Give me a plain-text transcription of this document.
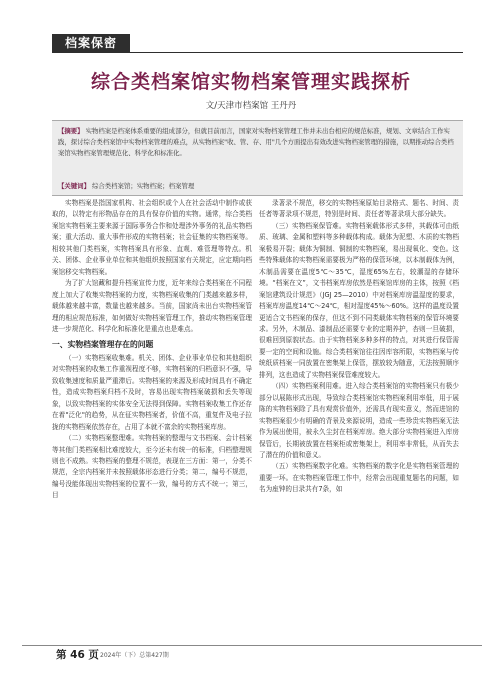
档案保密
综合类档案馆实物档案管理实践探析
文/天津市档案馆 王丹丹

【摘要】 实物档案是档案体系重要的组成部分，但就目前而言，国家对实物档案管理工作并未出台相应的规范标准，规划、文章结合工作实践，探讨综合类档案馆中实物档案管理的难点，从实物档案"收、管、存、用"几个方面提出有效改进实物档案管理的措施，以期推动综合类档案馆实物档案管理规范化、科学化和标准化。

【关键词】 综合类档案馆；实物档案；档案管理

实物档案是指国家机构、社会组织或个人在社会活动中制作或获取的，以特定有形物品存在的具有保存价值的实物。通常，综合类档案馆实物档案主要来源于国际事务合作和处理涉外事务的礼品实物档案；重大活动、重大事件形成的实物档案；社会征集的实物档案等。相较其他门类档案，实物档案具有形象、直观、难管理等特点。机关、团体、企业事业单位和其他组织按照国家有关规定，应定期向档案馆移交实物档案。

为了扩大馆藏和提升档案宣传力度，近年来综合类档案在不同程度上加大了收集实物档案的力度，实物档案收集的门类越来越多样，载体越来越丰富，数量也越来越多。当前，国家尚未出台实物档案管理的相应规范标准，如何做好实物档案管理工作，推动实物档案管理进一步规范化、科学化和标准化是重点也是难点。

一、实物档案管理存在的问题

（一）实物档案收集难。机关、团体、企业事业单位和其他组织对实物档案的收集工作重视程度不够，实物档案的归档意识不强，导致收集速度和质量严重滞后。实物档案的来源及形成时间具有不确定性，造成实物档案归档不及时，容易出现实物档案破损和丢失等现象，以致实物档案的实体安全无法得到保障。实物档案收集工作还存在着"泛化"的趋势，从在征实物档案者，价值不高，重复件及电子拉拢的实物档案依然存在，占用了本就不富余的实物档案库房。

（二）实物档案整理难。实物档案的整理与文书档案、会计档案等其他门类档案相比难度较大，至今还未有统一的标准，归档整理规则也不成熟。实物档案的整理不规范，表现在三方面：第一，分类不规范，全宗内档案并未按照载体形态进行分类；第二，编号不规范，编号没能体现出实物档案的位置不一致，编号的方式不统一；第三，目

录著录不规范，移交的实物档案原始目录格式、题名、时间、责任者等著录项不规范，特别是时间、责任者等著录项大部分缺失。

（三）实物档案保管难。实物档案载体形式多样，其载体可由纸质、玻璃、金属和塑料等多种载体构成。载体为泥塑、木质的实物档案极易开裂；载体为铜制、铜制的实物档案，易出现氧化、变色。这些特殊载体的实物档案需要极为严格的保管环境，以本制载体为例，木制品需要在温度5℃～35℃，湿度65%左右，较潮湿的存储环境。“档案在文”，文书档案库房依然是档案馆库房的主体，按照《档案馆建筑设计规范》（JGJ 25—2010）中对档案库房温湿度的要求，档案库房温度14℃～24℃，相对湿度45%～60%。这样的温度设置更适合文书档案的保存，但这不到不同类载体实物档案的保管环境要求。另外，木制品、漆制品还需要专业的定期养护，杏则一旦破损，很难回到原貌状态。由于实物档案多种多样的特点，对其进行保管需要一定的空间和设施。综合类档案馆往往因库容所限，实物档案与传统纸质档案一同放置在密集架上保管，摆放较为随意，无法按照顺序排列，这也造成了实物档案保管难度较大。

（四）实物档案利用难。进入综合类档案馆的实物档案只有极少部分以展陈形式出现，导致综合类档案馆实物档案利用率低，用于展陈的实物档案除了具有观赏价值外，还需具有现实意义，然而进馆的实物档案很少有明确的背景及来源说明，造成一些珍贵实物档案无法作为展出使用，被永久尘封在档案库房。绝大部分实物档案进入库房保管后，长期被放置在档案柜或密集架上，利用率非常低，从而失去了潜在的价值和意义。

（五）实物档案数字化难。实物档案的数字化是实物档案管理的重要一环。在实物档案管理工作中，经常会出现重复题名的问题，如名为座钟的目录共有7条，如

第 46 页 2024年（下）总第427期
